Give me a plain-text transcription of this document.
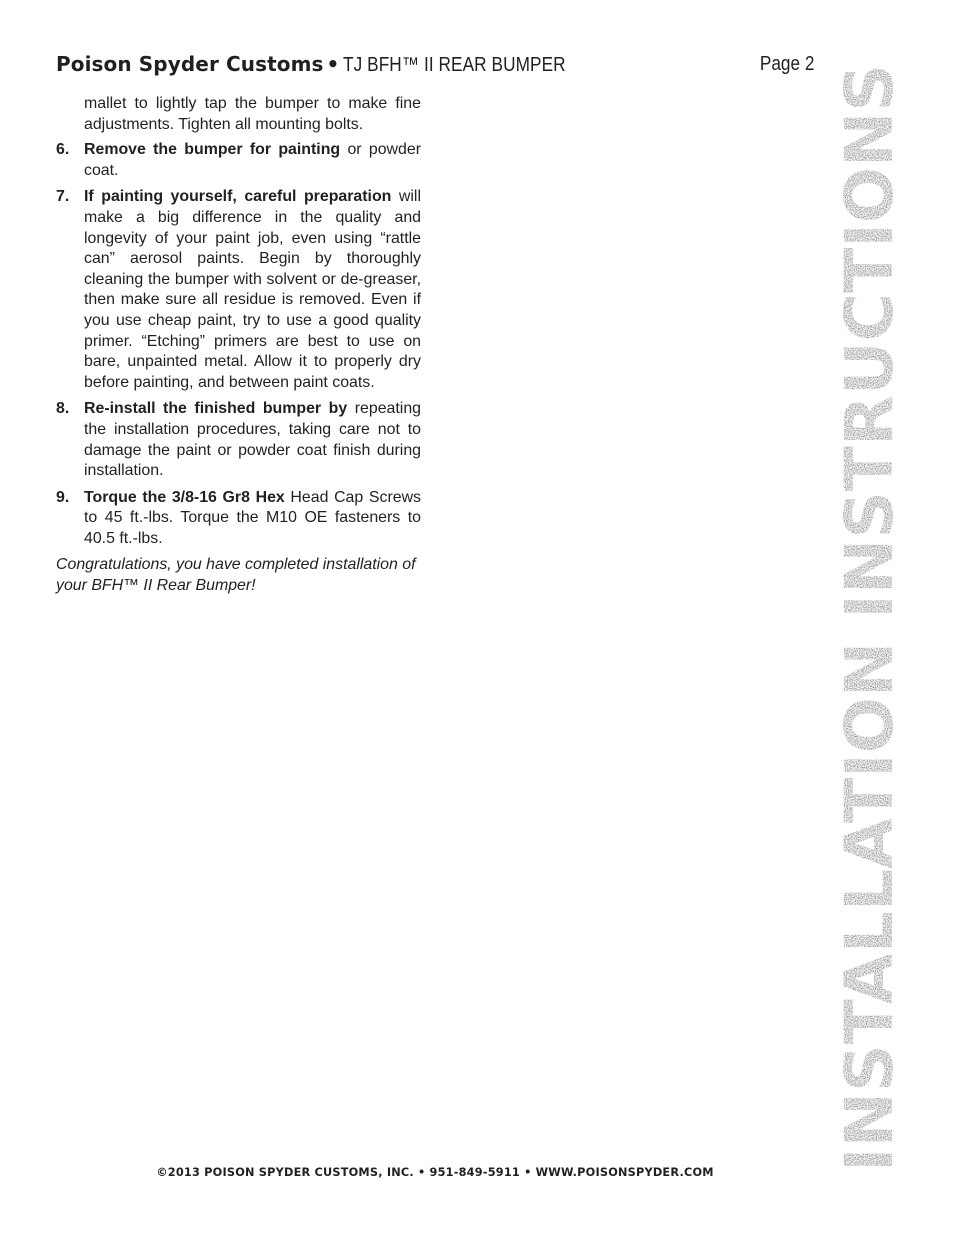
Poison Spyder Customs • TJ BFH™ II REAR BUMPER	Page 2
mallet to lightly tap the bumper to make fine adjustments. Tighten all mounting bolts.
6. Remove the bumper for painting or powder coat.
7. If painting yourself, careful preparation will make a big difference in the quality and longevity of your paint job, even using “rattle can” aerosol paints. Begin by thoroughly cleaning the bumper with solvent or de-greaser, then make sure all residue is removed. Even if you use cheap paint, try to use a good quality primer. “Etching” primers are best to use on bare, unpainted metal. Allow it to properly dry before painting, and between paint coats.
8. Re-install the finished bumper by repeating the installation procedures, taking care not to damage the paint or powder coat finish during installation.
9. Torque the 3/8-16 Gr8 Hex Head Cap Screws to 45 ft.-lbs. Torque the M10 OE fasteners to 40.5 ft.-lbs.
Congratulations, you have completed installation of your BFH™ II Rear Bumper!	INSTALLATION INSTRUCTIONS
©2013 POISON SPYDER CUSTOMS, INC. • 951-849-5911 • WWW.POISONSPYDER.COM
